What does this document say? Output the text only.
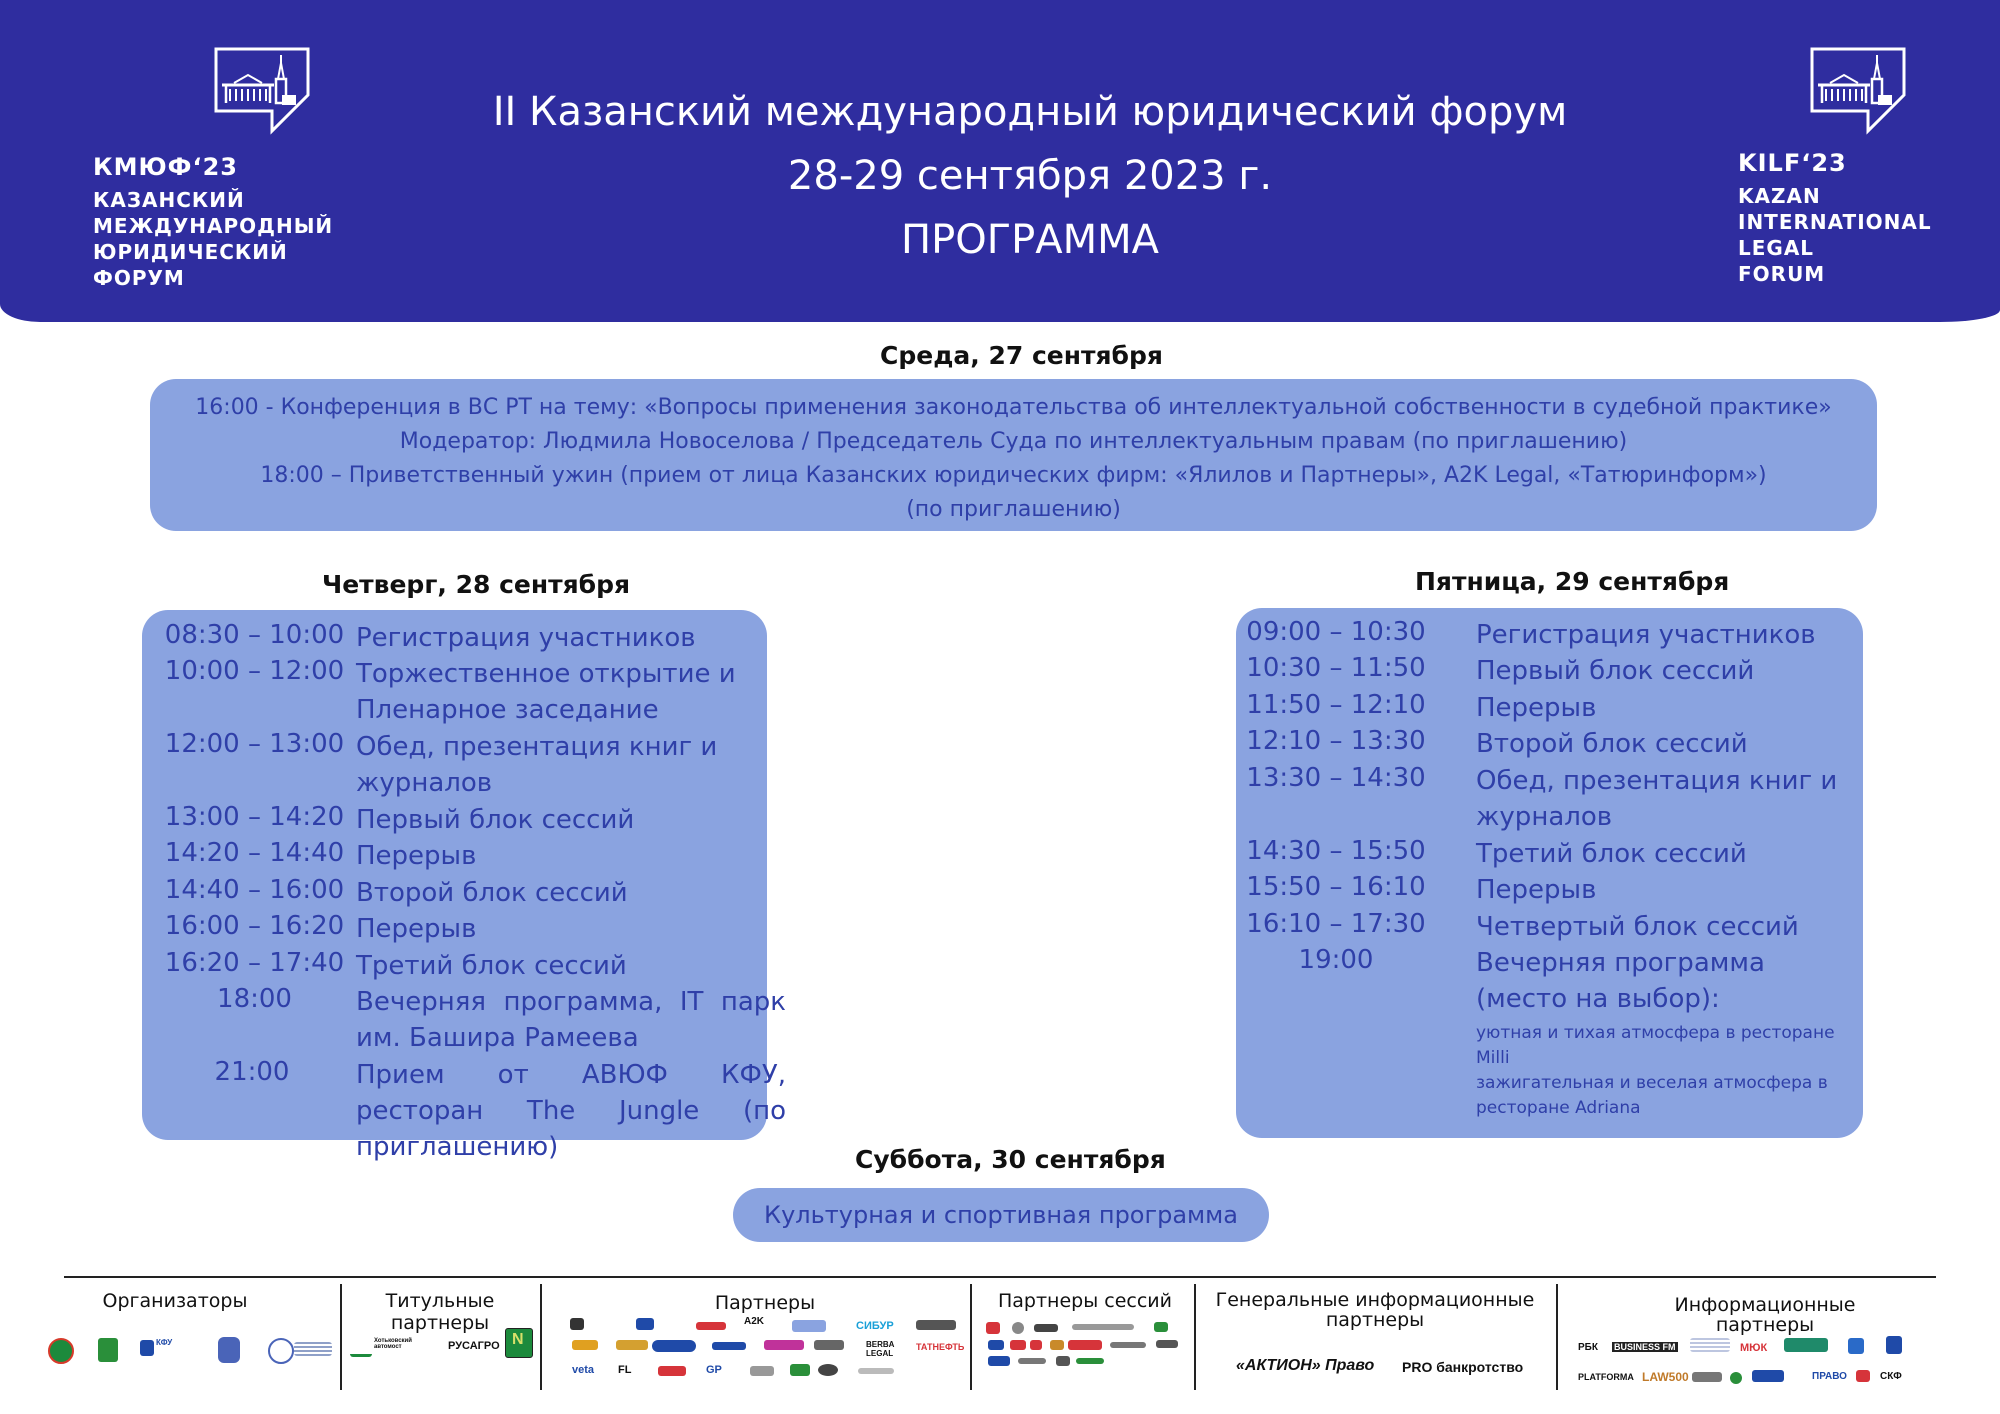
КМЮФ‘23
КАЗАНСКИЙ
МЕЖДУНАРОДНЫЙ
ЮРИДИЧЕСКИЙ
ФОРУМ
II Казанский международный юридический форум
28-29 сентября 2023 г.
ПРОГРАММА
KILF‘23
KAZAN
INTERNATIONAL
LEGAL
FORUM
Среда, 27 сентября
16:00 - Конференция в ВС РТ на тему: «Вопросы применения законодательства об интеллектуальной собственности в судебной практике»
Модератор: Людмила Новоселова / Председатель Суда по интеллектуальным правам (по приглашению)
18:00 – Приветственный ужин (прием от лица Казанских юридических фирм: «Ялилов и Партнеры», A2K Legal, «Татюринформ»)
(по приглашению)
Четверг, 28 сентября
08:30 – 10:00 Регистрация участников
10:00 – 12:00 Торжественное открытие и Пленарное заседание
12:00 – 13:00 Обед, презентация книг и журналов
13:00 – 14:20 Первый блок сессий
14:20 – 14:40 Перерыв
14:40 – 16:00 Второй блок сессий
16:00 – 16:20 Перерыв
16:20 – 17:40 Третий блок сессий
18:00	Вечерняя программа, IT парк им. Башира Рамеева
21:00	Прием от АВЮФ КФУ, ресторан The Jungle (по приглашению)
Пятница, 29 сентября
09:00 – 10:30	Регистрация участников
10:30 – 11:50	Первый блок сессий
11:50 – 12:10	Перерыв
12:10 – 13:30	Второй блок сессий
13:30 – 14:30	Обед, презентация книг и журналов
14:30 – 15:50	Третий блок сессий
15:50 – 16:10	Перерыв
16:10 – 17:30	Четвертый блок сессий
19:00	Вечерняя программа (место на выбор):
уютная и тихая атмосфера в ресторане Milli
зажигательная и веселая атмосфера в ресторане Adriana
Суббота, 30 сентября
Культурная и спортивная программа
Организаторы	Титульные партнеры
Партнеры	Партнеры сессий	Генеральные информационные партнеры
Информационные партнеры
КФУ	Хотьковский автомост	РУСАГРО N
A2K	СИБУР
ВЕRBA LEGAL
ТАТНЕФТЬ
veta FL	GP	«АКТИОН» Право PRO банкротство
РБК BUSINESS FM	МЮК
PLATFORMA LAW500	ПРАВО	СКФ
